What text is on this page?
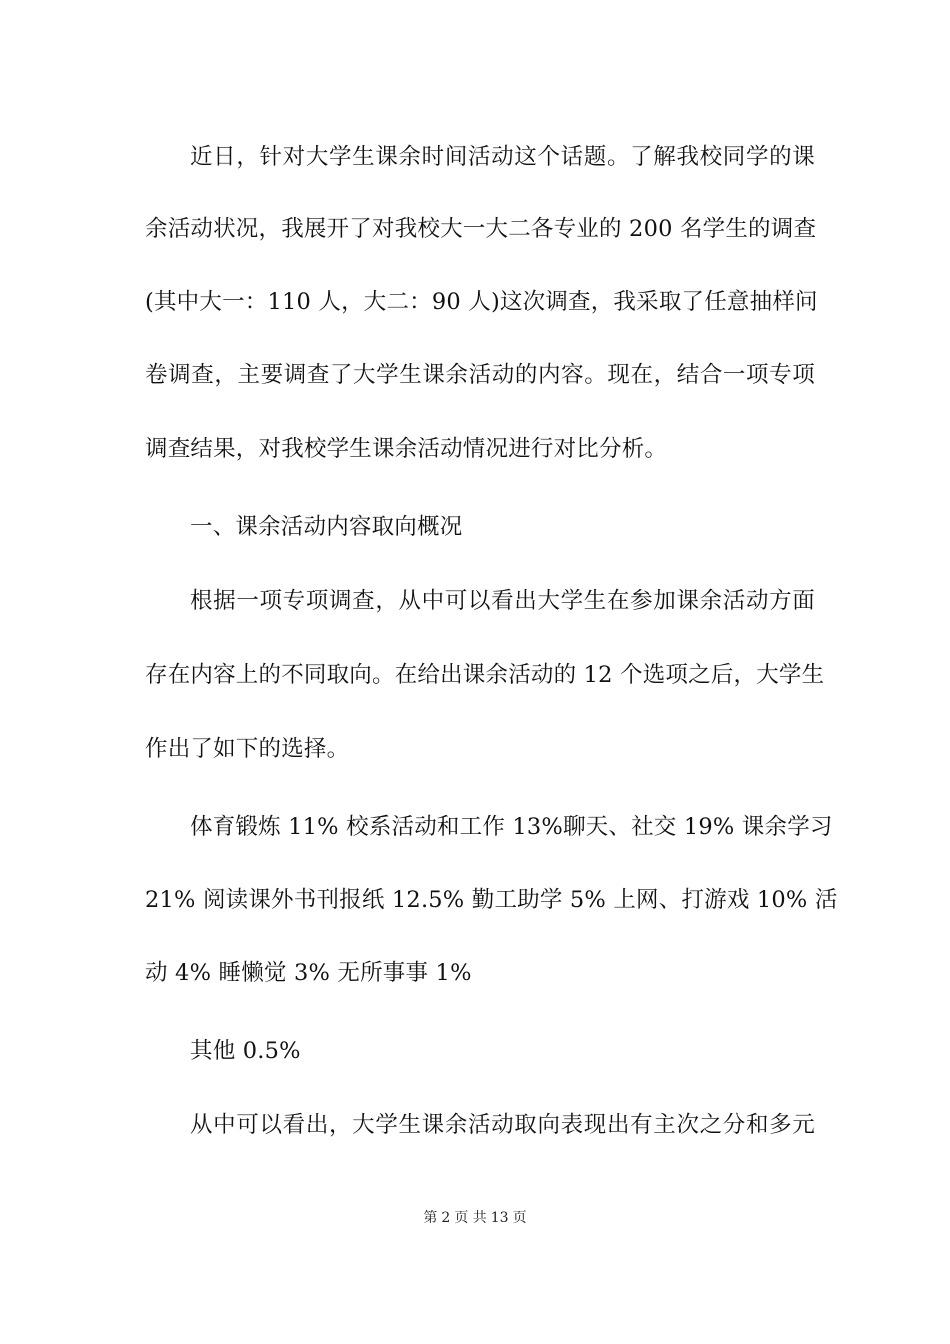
近日，针对大学生课余时间活动这个话题。了解我校同学的课
余活动状况，我展开了对我校大一大二各专业的 200 名学生的调查
(其中大一：110 人，大二：90 人)这次调查，我采取了任意抽样问
卷调查，主要调查了大学生课余活动的内容。现在，结合一项专项
调查结果，对我校学生课余活动情况进行对比分析。
一、课余活动内容取向概况
根据一项专项调查，从中可以看出大学生在参加课余活动方面
存在内容上的不同取向。在给出课余活动的 12 个选项之后，大学生
作出了如下的选择。
体育锻炼 11% 校系活动和工作 13%聊天、社交 19% 课余学习
21% 阅读课外书刊报纸 12.5% 勤工助学 5% 上网、打游戏 10% 活
动 4% 睡懒觉 3% 无所事事 1%
其他 0.5%
从中可以看出，大学生课余活动取向表现出有主次之分和多元
第 2 页 共 13 页
